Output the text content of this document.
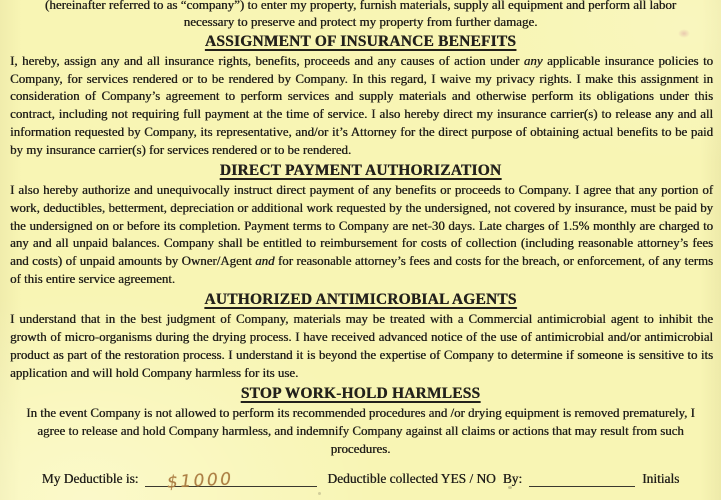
(hereinafter referred to as “company”) to enter my property, furnish materials, supply all equipment and perform all labor
necessary to preserve and protect my property from further damage.
ASSIGNMENT OF INSURANCE BENEFITS

I, hereby, assign any and all insurance rights, benefits, proceeds and any causes of action under any applicable insurance policies to Company, for services rendered or to be rendered by Company. In this regard, I waive my privacy rights. I make this assignment in consideration of Company’s agreement to perform services and supply materials and otherwise perform its obligations under this contract, including not requiring full payment at the time of service. I also hereby direct my insurance carrier(s) to release any and all information requested by Company, its representative, and/or it’s Attorney for the direct purpose of obtaining actual benefits to be paid by my insurance carrier(s) for services rendered or to be rendered.

DIRECT PAYMENT AUTHORIZATION

I also hereby authorize and unequivocally instruct direct payment of any benefits or proceeds to Company. I agree that any portion of work, deductibles, betterment, depreciation or additional work requested by the undersigned, not covered by insurance, must be paid by the undersigned on or before its completion. Payment terms to Company are net-30 days. Late charges of 1.5% monthly are charged to any and all unpaid balances. Company shall be entitled to reimbursement for costs of collection (including reasonable attorney’s fees and costs) of unpaid amounts by Owner/Agent and for reasonable attorney’s fees and costs for the breach, or enforcement, of any terms of this entire service agreement.

AUTHORIZED ANTIMICROBIAL AGENTS

I understand that in the best judgment of Company, materials may be treated with a Commercial antimicrobial agent to inhibit the growth of micro-organisms during the drying process. I have received advanced notice of the use of antimicrobial and/or antimicrobial product as part of the restoration process. I understand it is beyond the expertise of Company to determine if someone is sensitive to its application and will hold Company harmless for its use.

STOP WORK-HOLD HARMLESS

In the event Company is not allowed to perform its recommended procedures and /or drying equipment is removed prematurely, I agree to release and hold Company harmless, and indemnify Company against all claims or actions that may result from such procedures.

My Deductible is: $1000	Deductible collected YES / NO By:	Initials
